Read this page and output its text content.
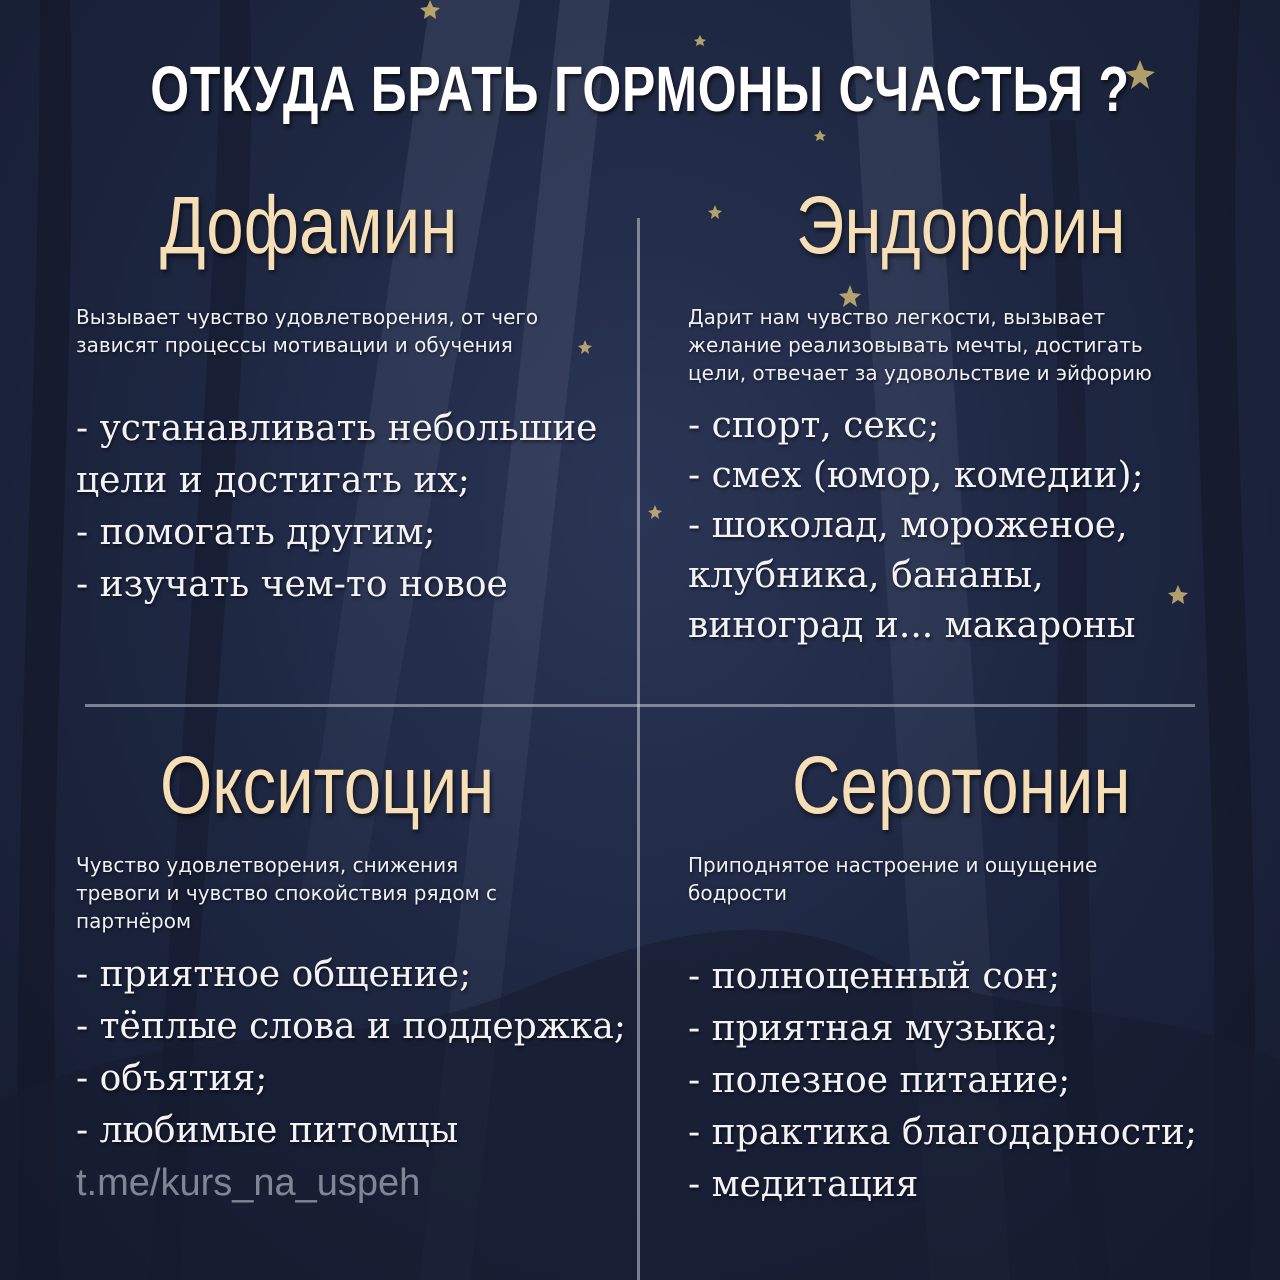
ОТКУДА БРАТЬ ГОРМОНЫ СЧАСТЬЯ ?
Дофамин
Вызывает чувство удовлетворения, от чего
зависят процессы мотивации и обучения
- устанавливать небольшие
цели и достигать их;
- помогать другим;
- изучать чем-то новое
Эндорфин
Дарит нам чувство легкости, вызывает
желание реализовывать мечты, достигать
цели, отвечает за удовольствие и эйфорию
- спорт, секс;
- смех (юмор, комедии);
- шоколад, мороженое,
клубника, бананы,
виноград и... макароны
Окситоцин
Чувство удовлетворения, снижения
тревоги и чувство спокойствия рядом с
партнёром
- приятное общение;
- тёплые слова и поддержка;
- объятия;
- любимые питомцы
Серотонин
Приподнятое настроение и ощущение
бодрости
- полноценный сон;
- приятная музыка;
- полезное питание;
- практика благодарности;
- медитация
t.me/kurs_na_uspeh
